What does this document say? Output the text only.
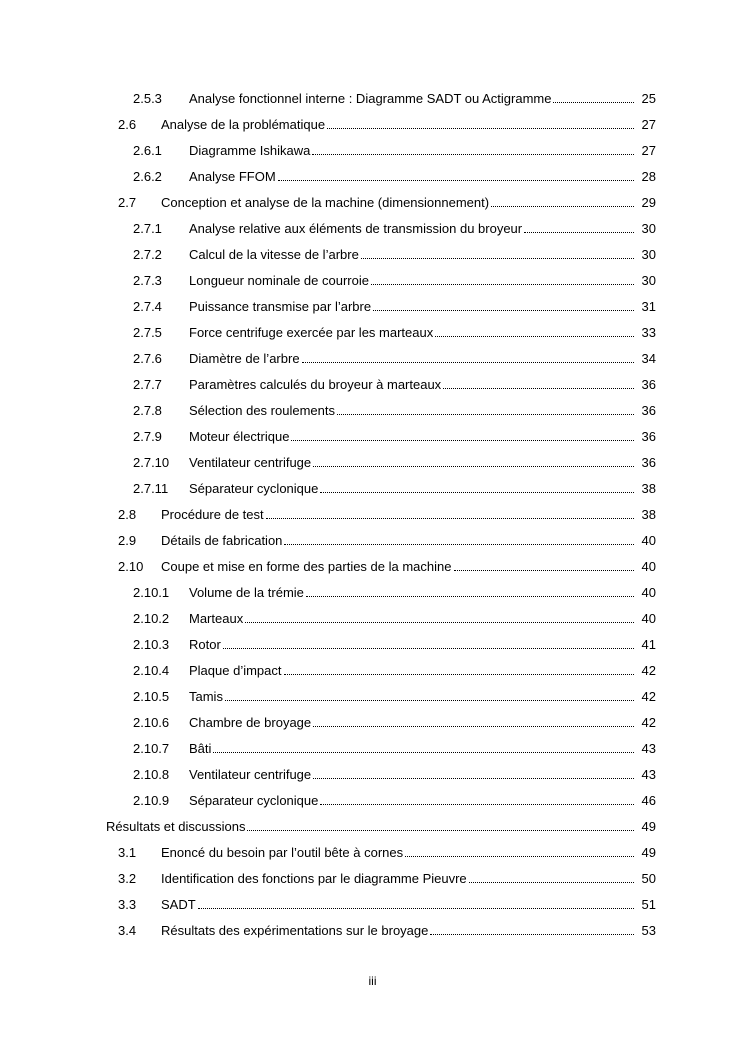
2.5.3	Analyse fonctionnel interne : Diagramme SADT ou Actigramme	25
2.6	Analyse de la problématique	27
2.6.1	Diagramme Ishikawa	27
2.6.2	Analyse FFOM	28
2.7	Conception et analyse de la machine (dimensionnement)	29
2.7.1	Analyse relative aux éléments de transmission du broyeur	30
2.7.2	Calcul de la vitesse de l’arbre	30
2.7.3	Longueur nominale de courroie	30
2.7.4	Puissance transmise par l’arbre	31
2.7.5	Force centrifuge exercée par les marteaux	33
2.7.6	Diamètre de l’arbre	34
2.7.7	Paramètres calculés du broyeur à marteaux	36
2.7.8	Sélection des roulements	36
2.7.9	Moteur électrique	36
2.7.10	Ventilateur centrifuge	36
2.7.11	Séparateur cyclonique	38
2.8	Procédure de test	38
2.9	Détails de fabrication	40
2.10	Coupe et mise en forme des parties de la machine	40
2.10.1	Volume de la trémie	40
2.10.2	Marteaux	40
2.10.3	Rotor	41
2.10.4	Plaque d’impact	42
2.10.5	Tamis	42
2.10.6	Chambre de broyage	42
2.10.7	Bâti	43
2.10.8	Ventilateur centrifuge	43
2.10.9	Séparateur cyclonique	46
Résultats et discussions	49
3.1	Enoncé du besoin par l’outil bête à cornes	49
3.2	Identification des fonctions par le diagramme Pieuvre	50
3.3	SADT	51
3.4	Résultats des expérimentations sur le broyage	53
iii
